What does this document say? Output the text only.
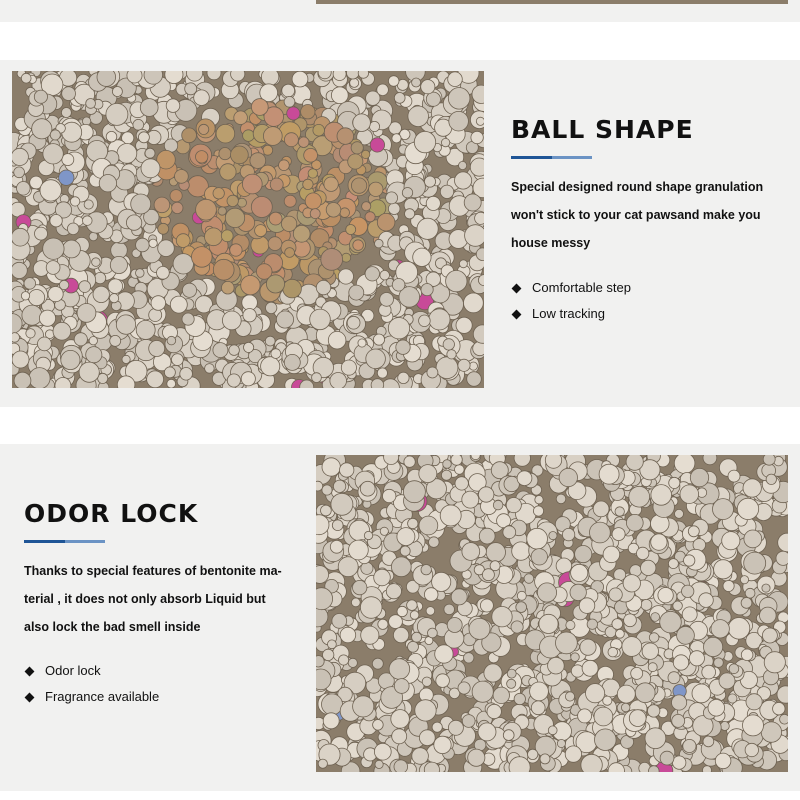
BALL SHAPE

Special designed round shape granulation
won't stick to your cat pawsand make you
house messy

Comfortable step
Low tracking
ODOR LOCK

Thanks to special features of bentonite ma-
terial , it does not only absorb Liquid but
also lock the bad smell inside

Odor lock
Fragrance available
